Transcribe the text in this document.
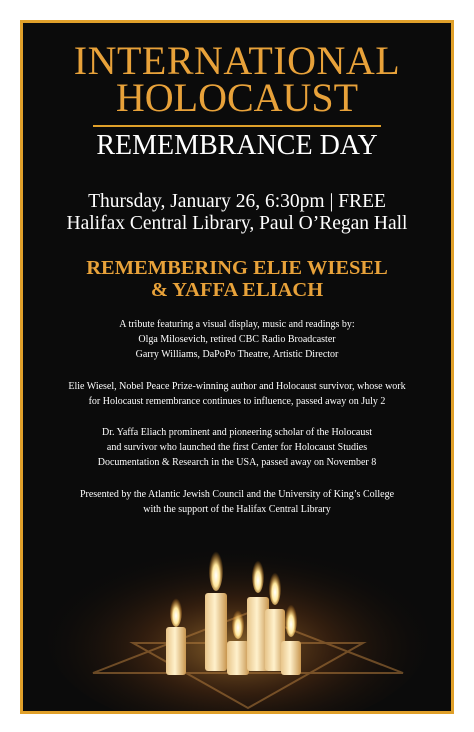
INTERNATIONAL
HOLOCAUST
REMEMBRANCE DAY
Thursday, January 26, 6:30pm | FREE
Halifax Central Library, Paul O’Regan Hall
REMEMBERING ELIE WIESEL
& YAFFA ELIACH
A tribute featuring a visual display, music and readings by:
Olga Milosevich, retired CBC Radio Broadcaster
Garry Williams, DaPoPo Theatre, Artistic Director
Elie Wiesel, Nobel Peace Prize-winning author and Holocaust survivor, whose work
for Holocaust remembrance continues to influence, passed away on July 2
Dr. Yaffa Eliach prominent and pioneering scholar of the Holocaust
and survivor who launched the first Center for Holocaust Studies
Documentation & Research in the USA, passed away on November 8
Presented by the Atlantic Jewish Council and the University of King’s College
with the support of the Halifax Central Library
